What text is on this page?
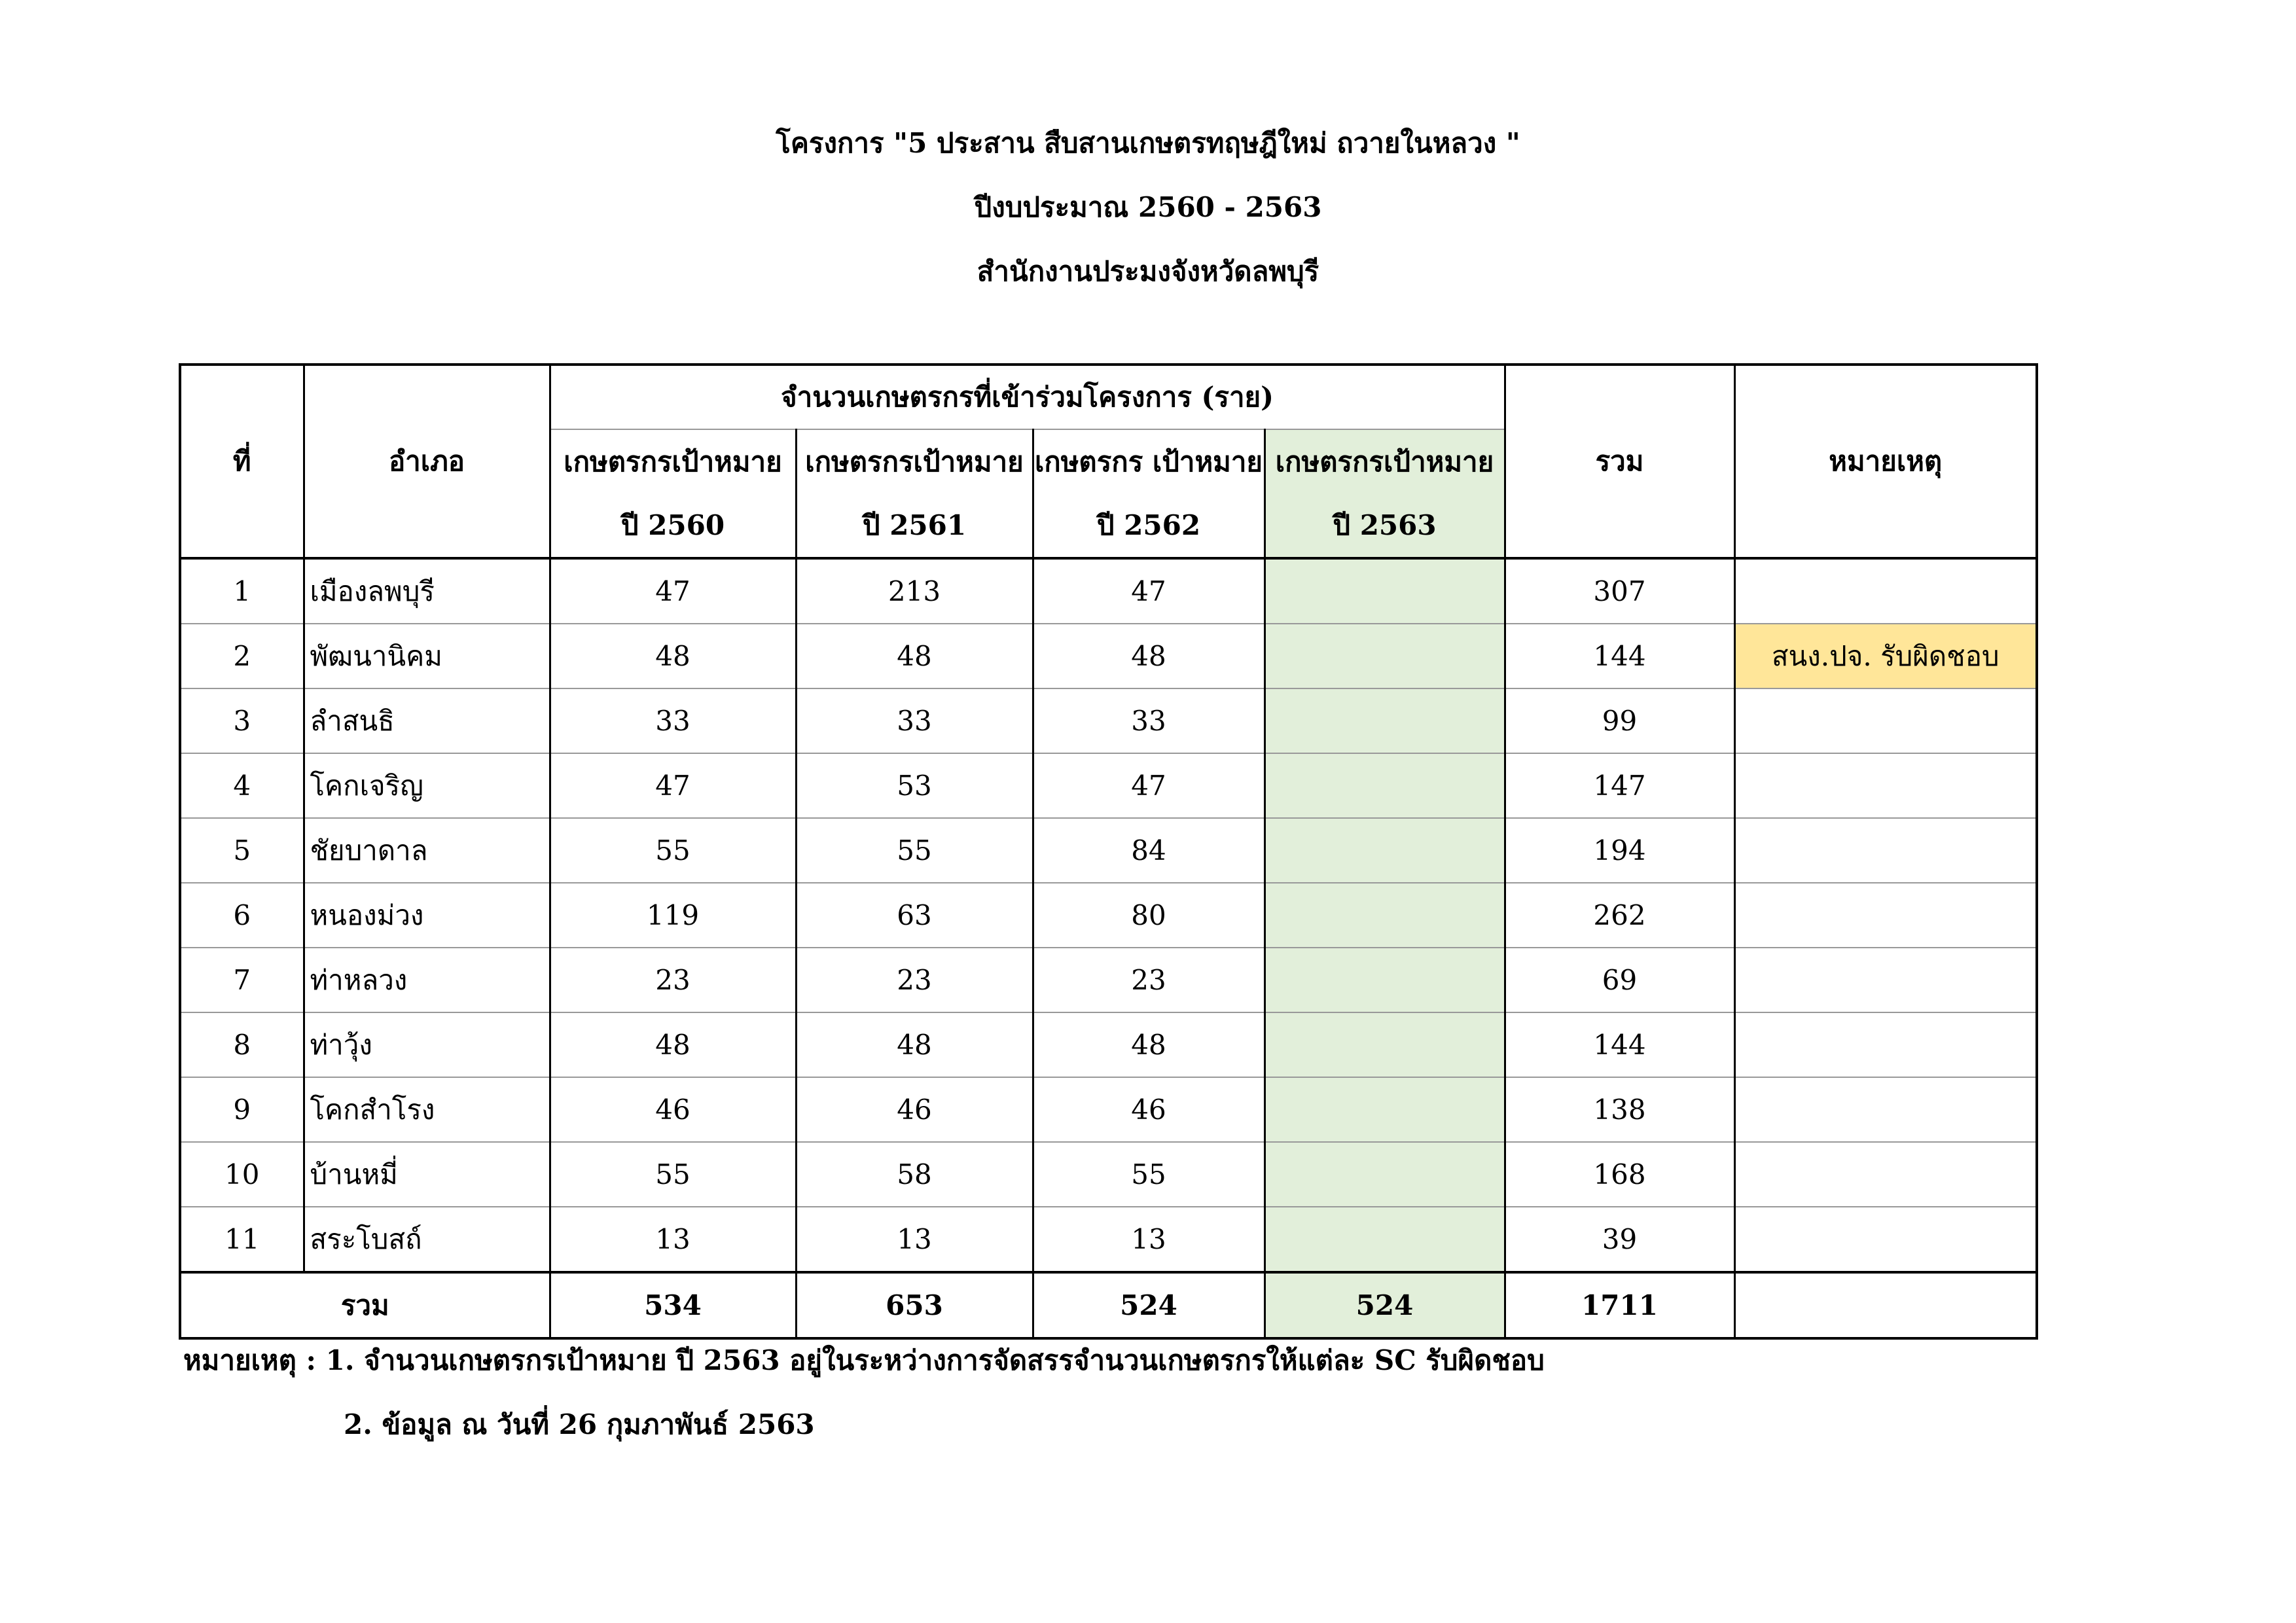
โครงการ "5 ประสาน สืบสานเกษตรทฤษฎีใหม่ ถวายในหลวง "
ปีงบประมาณ 2560 - 2563
สำนักงานประมงจังหวัดลพบุรี
ที่	อำเภอ	จำนวนเกษตรกรที่เข้าร่วมโครงการ (ราย)				รวม	หมายเหตุ
		เกษตรกรเป้าหมาย ปี 2560	เกษตรกรเป้าหมาย ปี 2561	เกษตรกร เป้าหมาย ปี 2562	เกษตรกรเป้าหมาย ปี 2563		
1	เมืองลพบุรี	47	213	47		307	
2	พัฒนานิคม	48	48	48		144	สนง.ปจ. รับผิดชอบ
3	ลำสนธิ	33	33	33		99	
4	โคกเจริญ	47	53	47		147	
5	ชัยบาดาล	55	55	84		194	
6	หนองม่วง	119	63	80		262	
7	ท่าหลวง	23	23	23		69	
8	ท่าวุ้ง	48	48	48		144	
9	โคกสำโรง	46	46	46		138	
10	บ้านหมี่	55	58	55		168	
11	สระโบสถ์	13	13	13		39	
รวม		534	653	524	524	1711	
หมายเหตุ : 1. จำนวนเกษตรกรเป้าหมาย ปี 2563 อยู่ในระหว่างการจัดสรรจำนวนเกษตรกรให้แต่ละ SC รับผิดชอบ
2. ข้อมูล ณ วันที่ 26 กุมภาพันธ์ 2563
